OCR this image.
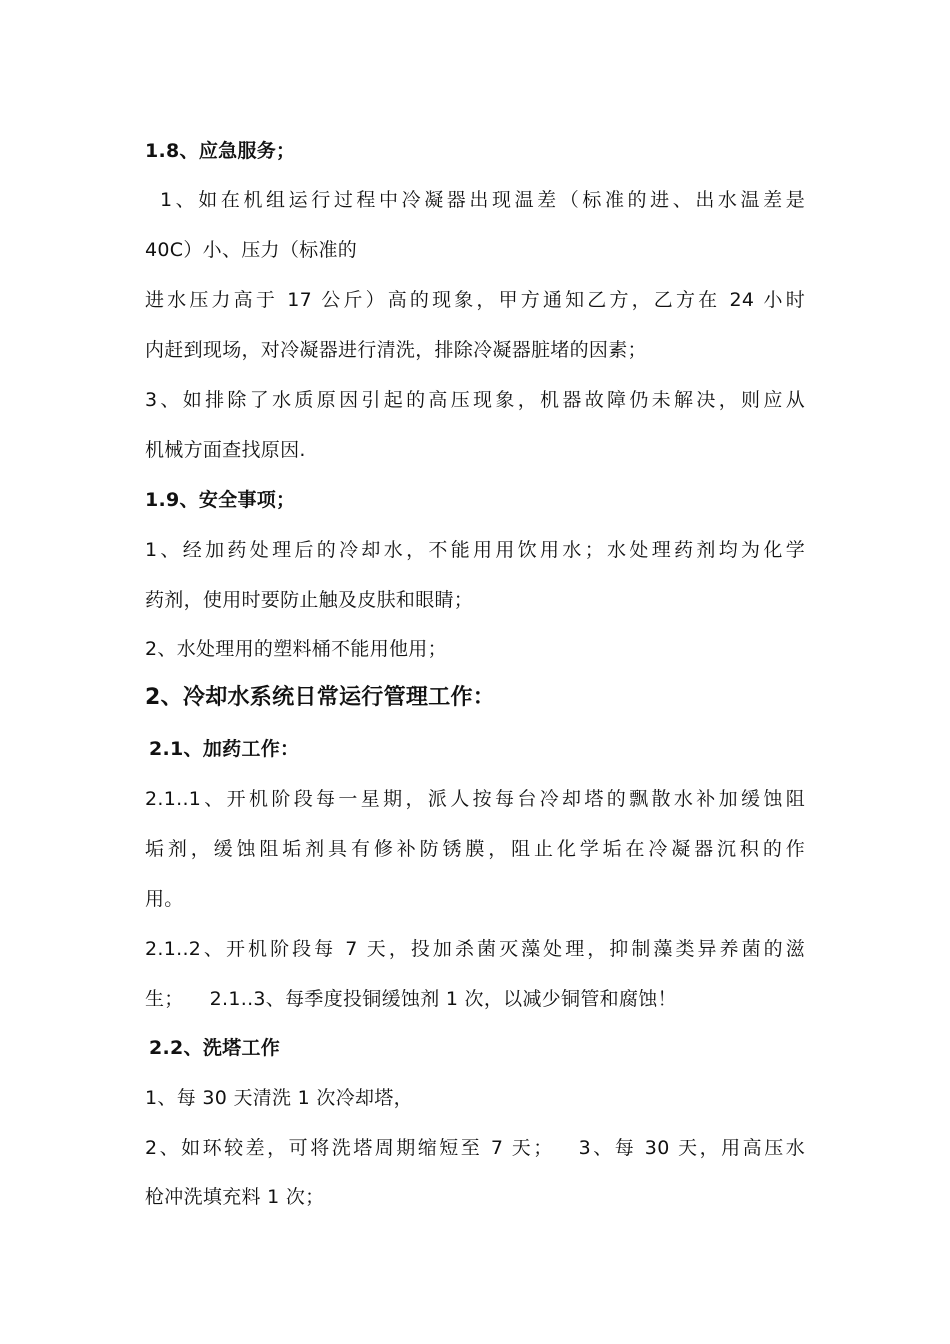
1.8、应急服务；
1、如在机组运行过程中冷凝器出现温差（标准的进、出水温差是
40C）小、压力（标准的
进水压力高于 17 公斤）高的现象，甲方通知乙方，乙方在 24 小时
内赶到现场，对冷凝器进行清洗，排除冷凝器脏堵的因素；
3、如排除了水质原因引起的高压现象，机器故障仍未解决，则应从
机械方面查找原因.
1.9、安全事项；
1、经加药处理后的冷却水，不能用用饮用水；水处理药剂均为化学
药剂，使用时要防止触及皮肤和眼睛；
2、水处理用的塑料桶不能用他用；
2、冷却水系统日常运行管理工作：
2.1、加药工作：
2.1..1、开机阶段每一星期，派人按每台冷却塔的飘散水补加缓蚀阻
垢剂，缓蚀阻垢剂具有修补防锈膜，阻止化学垢在冷凝器沉积的作
用。
2.1..2、开机阶段每 7 天，投加杀菌灭藻处理，抑制藻类异养菌的滋
生； 2.1..3、每季度投铜缓蚀剂 1 次，以减少铜管和腐蚀！
2.2、洗塔工作
1、每 30 天清洗 1 次冷却塔，
2、如环较差，可将洗塔周期缩短至 7 天； 3、每 30 天，用高压水
枪冲洗填充料 1 次；
